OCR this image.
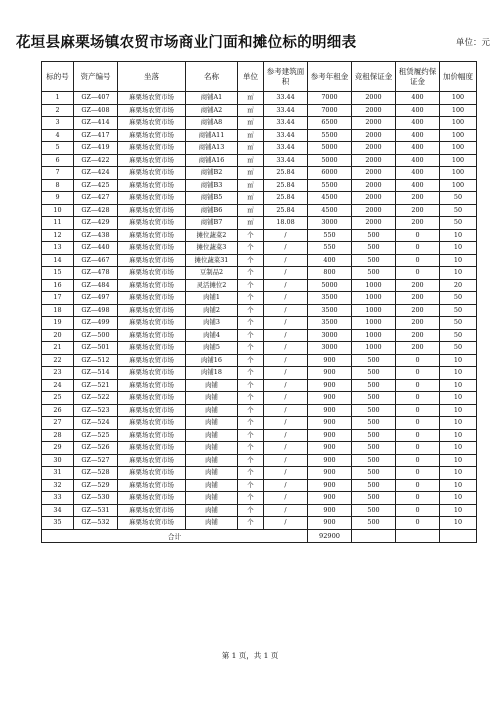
花垣县麻栗场镇农贸市场商业门面和摊位标的明细表	单位：元
标的号	资产编号	坐落	名称	单位	参考建筑面积	参考年租金	竞租保证金	租赁履约保证金	加价幅度
1	GZ—407	麻栗场农贸市场	商铺A1	㎡	33.44	7000	2000	400	100
2	GZ—408	麻栗场农贸市场	商铺A2	㎡	33.44	7000	2000	400	100
3	GZ—414	麻栗场农贸市场	商铺A8	㎡	33.44	6500	2000	400	100
4	GZ—417	麻栗场农贸市场	商铺A11	㎡	33.44	5500	2000	400	100
5	GZ—419	麻栗场农贸市场	商铺A13	㎡	33.44	5000	2000	400	100
6	GZ—422	麻栗场农贸市场	商铺A16	㎡	33.44	5000	2000	400	100
7	GZ—424	麻栗场农贸市场	商铺B2	㎡	25.84	6000	2000	400	100
8	GZ—425	麻栗场农贸市场	商铺B3	㎡	25.84	5500	2000	400	100
9	GZ—427	麻栗场农贸市场	商铺B5	㎡	25.84	4500	2000	200	50
10	GZ—428	麻栗场农贸市场	商铺B6	㎡	25.84	4500	2000	200	50
11	GZ—429	麻栗场农贸市场	商铺B7	㎡	18.08	3000	2000	200	50
12	GZ—438	麻栗场农贸市场	摊位蔬菜2	个	/	550	500	0	10
13	GZ—440	麻栗场农贸市场	摊位蔬菜3	个	/	550	500	0	10
14	GZ—467	麻栗场农贸市场	摊位蔬菜31	个	/	400	500	0	10
15	GZ—478	麻栗场农贸市场	豆制品2	个	/	800	500	0	10
16	GZ—484	麻栗场农贸市场	灵活摊位2	个	/	5000	1000	200	20
17	GZ—497	麻栗场农贸市场	肉铺1	个	/	3500	1000	200	50
18	GZ—498	麻栗场农贸市场	肉铺2	个	/	3500	1000	200	50
19	GZ—499	麻栗场农贸市场	肉铺3	个	/	3500	1000	200	50
20	GZ—500	麻栗场农贸市场	肉铺4	个	/	3000	1000	200	50
21	GZ—501	麻栗场农贸市场	肉铺5	个	/	3000	1000	200	50
22	GZ—512	麻栗场农贸市场	肉铺16	个	/	900	500	0	10
23	GZ—514	麻栗场农贸市场	肉铺18	个	/	900	500	0	10
24	GZ—521	麻栗场农贸市场	肉铺	个	/	900	500	0	10
25	GZ—522	麻栗场农贸市场	肉铺	个	/	900	500	0	10
26	GZ—523	麻栗场农贸市场	肉铺	个	/	900	500	0	10
27	GZ—524	麻栗场农贸市场	肉铺	个	/	900	500	0	10
28	GZ—525	麻栗场农贸市场	肉铺	个	/	900	500	0	10
29	GZ—526	麻栗场农贸市场	肉铺	个	/	900	500	0	10
30	GZ—527	麻栗场农贸市场	肉铺	个	/	900	500	0	10
31	GZ—528	麻栗场农贸市场	肉铺	个	/	900	500	0	10
32	GZ—529	麻栗场农贸市场	肉铺	个	/	900	500	0	10
33	GZ—530	麻栗场农贸市场	肉铺	个	/	900	500	0	10
34	GZ—531	麻栗场农贸市场	肉铺	个	/	900	500	0	10
35	GZ—532	麻栗场农贸市场	肉铺	个	/	900	500	0	10
合计						92900			
第 1 页，共 1 页
